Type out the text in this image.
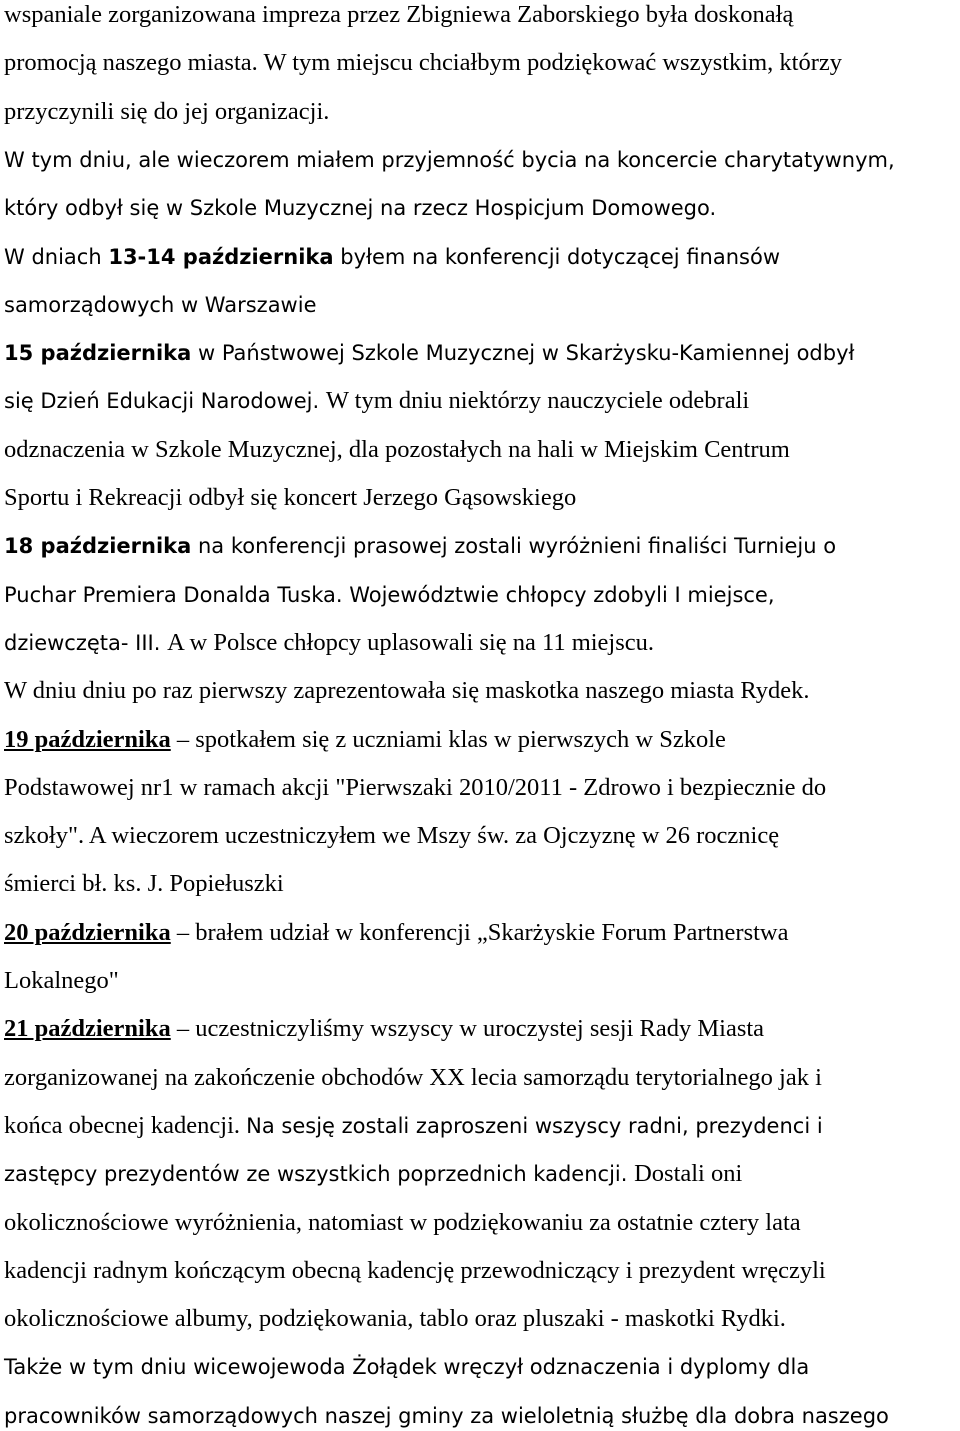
wspaniale zorganizowana impreza przez Zbigniewa Zaborskiego była doskonałą
promocją naszego miasta. W tym miejscu chciałbym podziękować wszystkim, którzy
przyczynili się do jej organizacji.
W tym dniu, ale wieczorem miałem przyjemność bycia na koncercie charytatywnym,
który odbył się w Szkole Muzycznej na rzecz Hospicjum Domowego.
W dniach 13-14 października byłem na konferencji dotyczącej finansów
samorządowych w Warszawie
15 października w Państwowej Szkole Muzycznej w Skarżysku-Kamiennej odbył
się Dzień Edukacji Narodowej. W tym dniu niektórzy nauczyciele odebrali
odznaczenia w Szkole Muzycznej, dla pozostałych na hali w Miejskim Centrum
Sportu i Rekreacji odbył się koncert Jerzego Gąsowskiego
18 października na konferencji prasowej zostali wyróżnieni finaliści Turnieju o
Puchar Premiera Donalda Tuska. Województwie chłopcy zdobyli I miejsce,
dziewczęta- III. A w Polsce chłopcy uplasowali się na 11 miejscu.
W dniu dniu po raz pierwszy zaprezentowała się maskotka naszego miasta Rydek.
19 października – spotkałem się z uczniami klas w pierwszych w Szkole
Podstawowej nr1 w ramach akcji "Pierwszaki 2010/2011 - Zdrowo i bezpiecznie do
szkoły". A wieczorem uczestniczyłem we Mszy św. za Ojczyznę w 26 rocznicę
śmierci bł. ks. J. Popiełuszki
20 października – brałem udział w konferencji „Skarżyskie Forum Partnerstwa
Lokalnego"
21 października – uczestniczyliśmy wszyscy w uroczystej sesji Rady Miasta
zorganizowanej na zakończenie obchodów XX lecia samorządu terytorialnego jak i
końca obecnej kadencji. Na sesję zostali zaproszeni wszyscy radni, prezydenci i
zastępcy prezydentów ze wszystkich poprzednich kadencji. Dostali oni
okolicznościowe wyróżnienia, natomiast w podziękowaniu za ostatnie cztery lata
kadencji radnym kończącym obecną kadencję przewodniczący i prezydent wręczyli
okolicznościowe albumy, podziękowania, tablo oraz pluszaki - maskotki Rydki.
Także w tym dniu wicewojewoda Żołądek wręczył odznaczenia i dyplomy dla
pracowników samorządowych naszej gminy za wieloletnią służbę dla dobra naszego
